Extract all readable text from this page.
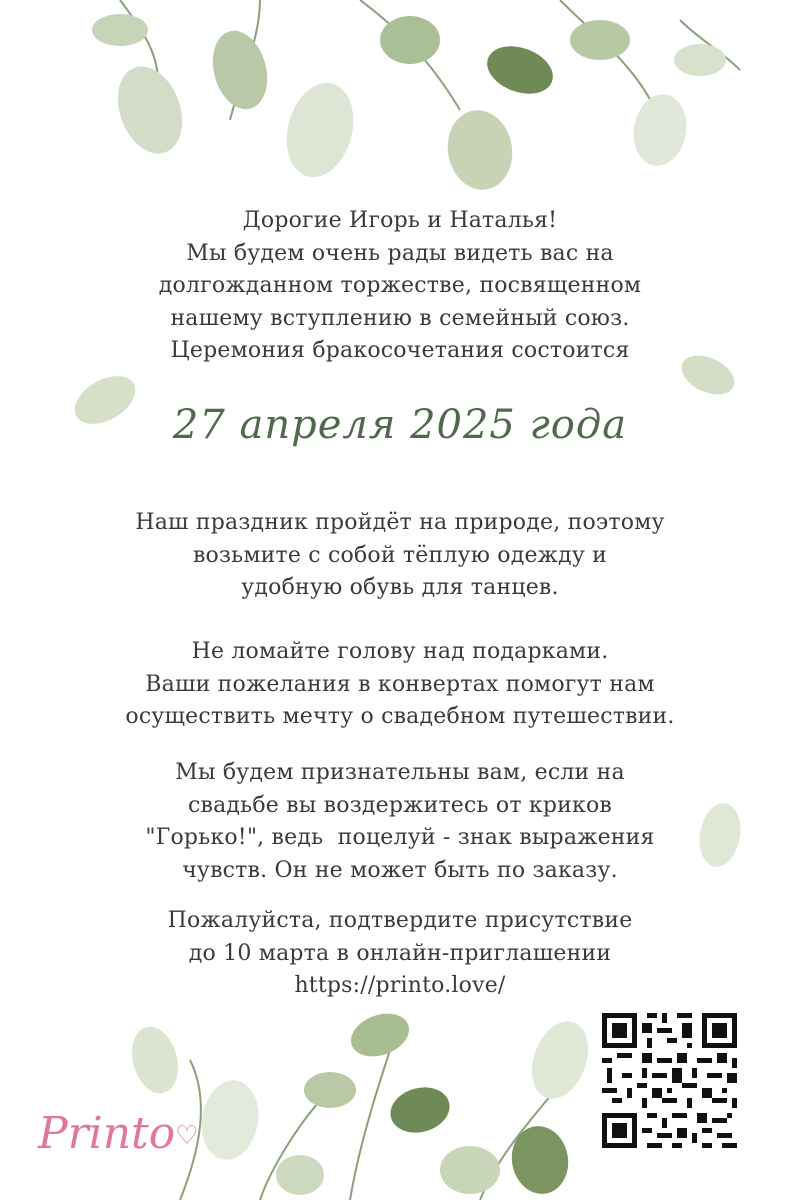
Дорогие Игорь и Наталья!
Мы будем очень рады видеть вас на
долгожданном торжестве, посвященном
нашему вступлению в семейный союз.
Церемония бракосочетания состоится
27 апреля 2025 года
Наш праздник пройдёт на природе, поэтому
возьмите с собой тёплую одежду и
удобную обувь для танцев.
Не ломайте голову над подарками.
Ваши пожелания в конвертах помогут нам
осуществить мечту о свадебном путешествии.
Мы будем признательны вам, если на
свадьбе вы воздержитесь от криков
"Горько!", ведь  поцелуй - знак выражения
чувств. Он не может быть по заказу.
Пожалуйста, подтвердите присутствие
до 10 марта в онлайн-приглашении
https://printo.love/
Printo♡
